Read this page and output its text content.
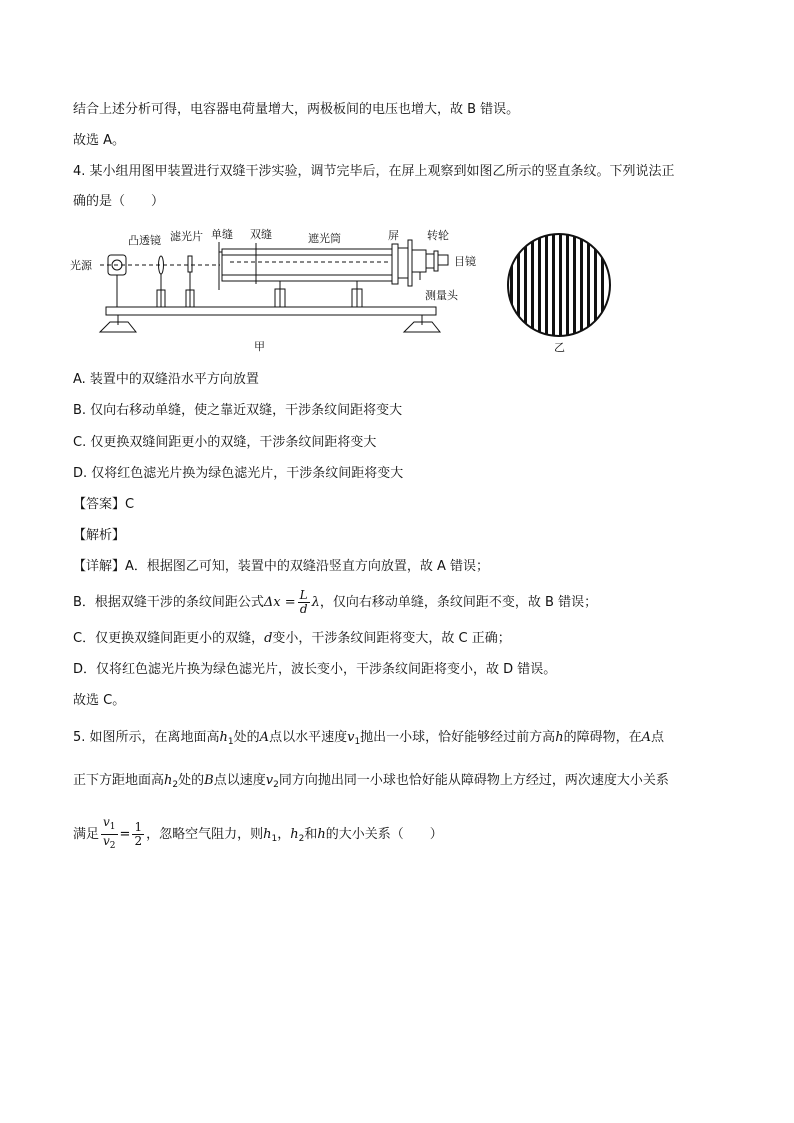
结合上述分析可得，电容器电荷量增大，两极板间的电压也增大，故 B 错误。
故选 A。
4. 某小组用图甲装置进行双缝干涉实验，调节完毕后，在屏上观察到如图乙所示的竖直条纹。下列说法正
确的是（　　）
光源
凸透镜 滤光片 单缝 双缝	遮光筒	屏	转轮
目镜
测量头
甲	乙
A. 装置中的双缝沿水平方向放置
B. 仅向右移动单缝，使之靠近双缝，干涉条纹间距将变大
C. 仅更换双缝间距更小的双缝，干涉条纹间距将变大
D. 仅将红色滤光片换为绿色滤光片，干涉条纹间距将变大
【答案】C
【解析】
【详解】A．根据图乙可知，装置中的双缝沿竖直方向放置，故 A 错误；
B．根据双缝干涉的条纹间距公式$\Delta x = \frac{L}{d}$ λ，仅向右移动单缝，条纹间距不变，故 B 错误；
C．仅更换双缝间距更小的双缝，d变小，干涉条纹间距将变大，故 C 正确；
D．仅将红色滤光片换为绿色滤光片，波长变小，干涉条纹间距将变小，故 D 错误。
故选 C。
5. 如图所示，在离地面高$h_1$处的A点以水平速度$v_1$抛出一小球，恰好能够经过前方高h的障碍物，在A点
正下方距地面高$h_2$处的B点以速度$v_2$同方向抛出同一小球也恰好能从障碍物上方经过，两次速度大小关系
满足 $\frac{v_1}{v_2} = \frac{1}{2}$ ，忽略空气阻力，则$h_1$，$h_2$和h的大小关系（　　）
